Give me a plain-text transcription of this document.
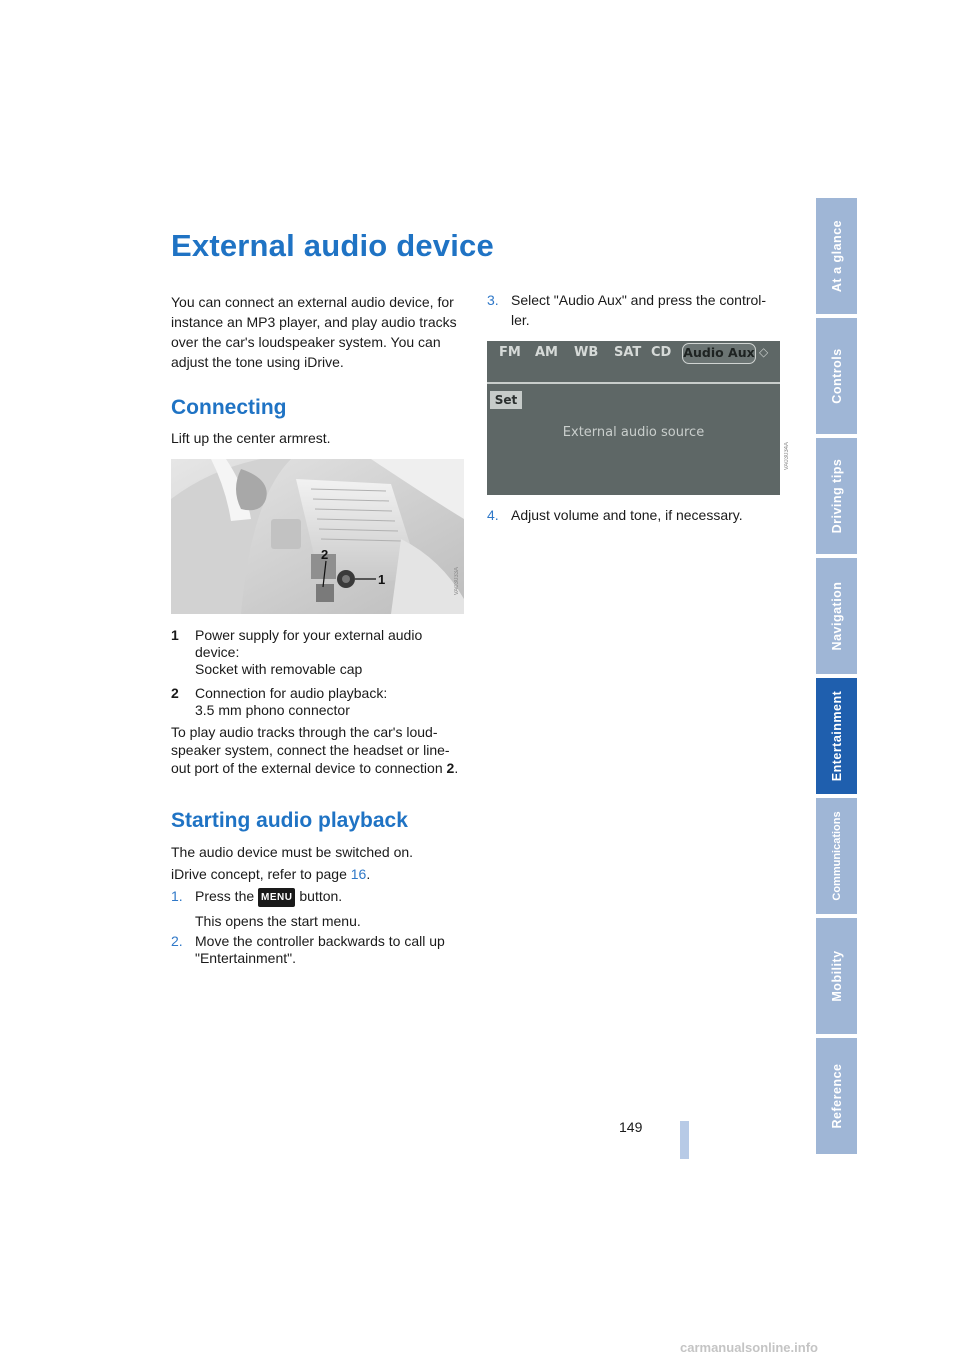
External audio device
You can connect an external audio device, for
instance an MP3 player, and play audio tracks
over the car's loudspeaker system. You can
adjust the tone using iDrive.
Connecting
Lift up the center armrest.
2
1	VA03033A
1 Power supply for your external audio
device:
Socket with removable cap
2 Connection for audio playback:
3.5 mm phono connector
To play audio tracks through the car's loud-
speaker system, connect the headset or line-
out port of the external device to connection 2.
Starting audio playback
The audio device must be switched on.
iDrive concept, refer to page 16.
1. Press the MENU button.
This opens the start menu.
2. Move the controller backwards to call up
"Entertainment".
3. Select "Audio Aux" and press the control-
ler.
FM AM WB SAT CD Audio Aux ◇
Set
External audio source
VA03034A
4. Adjust volume and tone, if necessary.
At a glance
Controls
Driving tips
Navigation
Entertainment
Communications
Mobility
Reference
149
carmanualsonline.info
